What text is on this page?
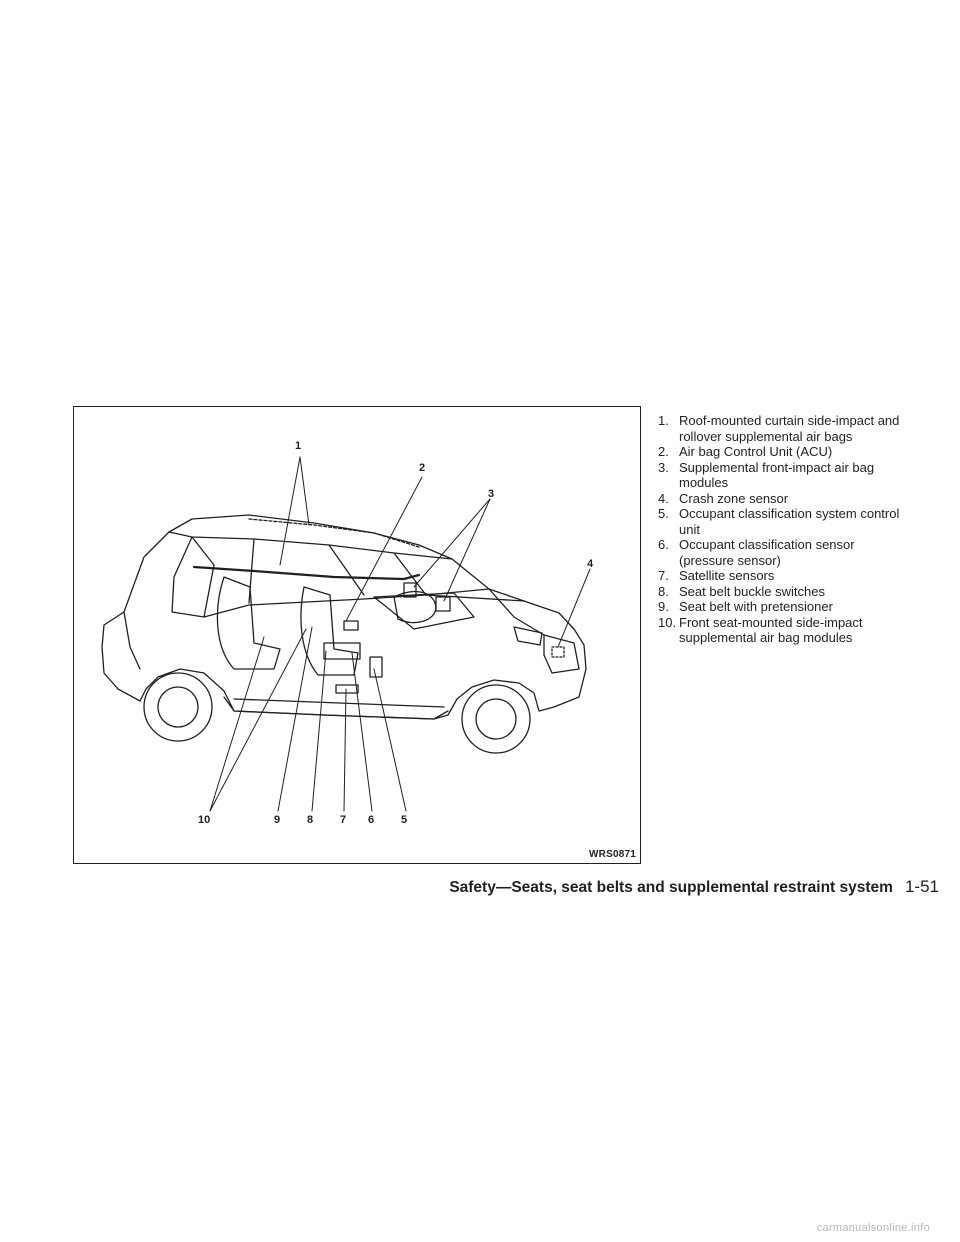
1
2
3
4
5
6
7
8
9
10
WRS0871
1. Roof-mounted curtain side-impact and
rollover supplemental air bags
2. Air bag Control Unit (ACU)
3. Supplemental front-impact air bag
modules
4. Crash zone sensor
5. Occupant classification system control
unit
6. Occupant classification sensor
(pressure sensor)
7. Satellite sensors
8. Seat belt buckle switches
9. Seat belt with pretensioner
10. Front seat-mounted side-impact
supplemental air bag modules
Safety—Seats, seat belts and supplemental restraint system 1-51
carmanualsonline.info
